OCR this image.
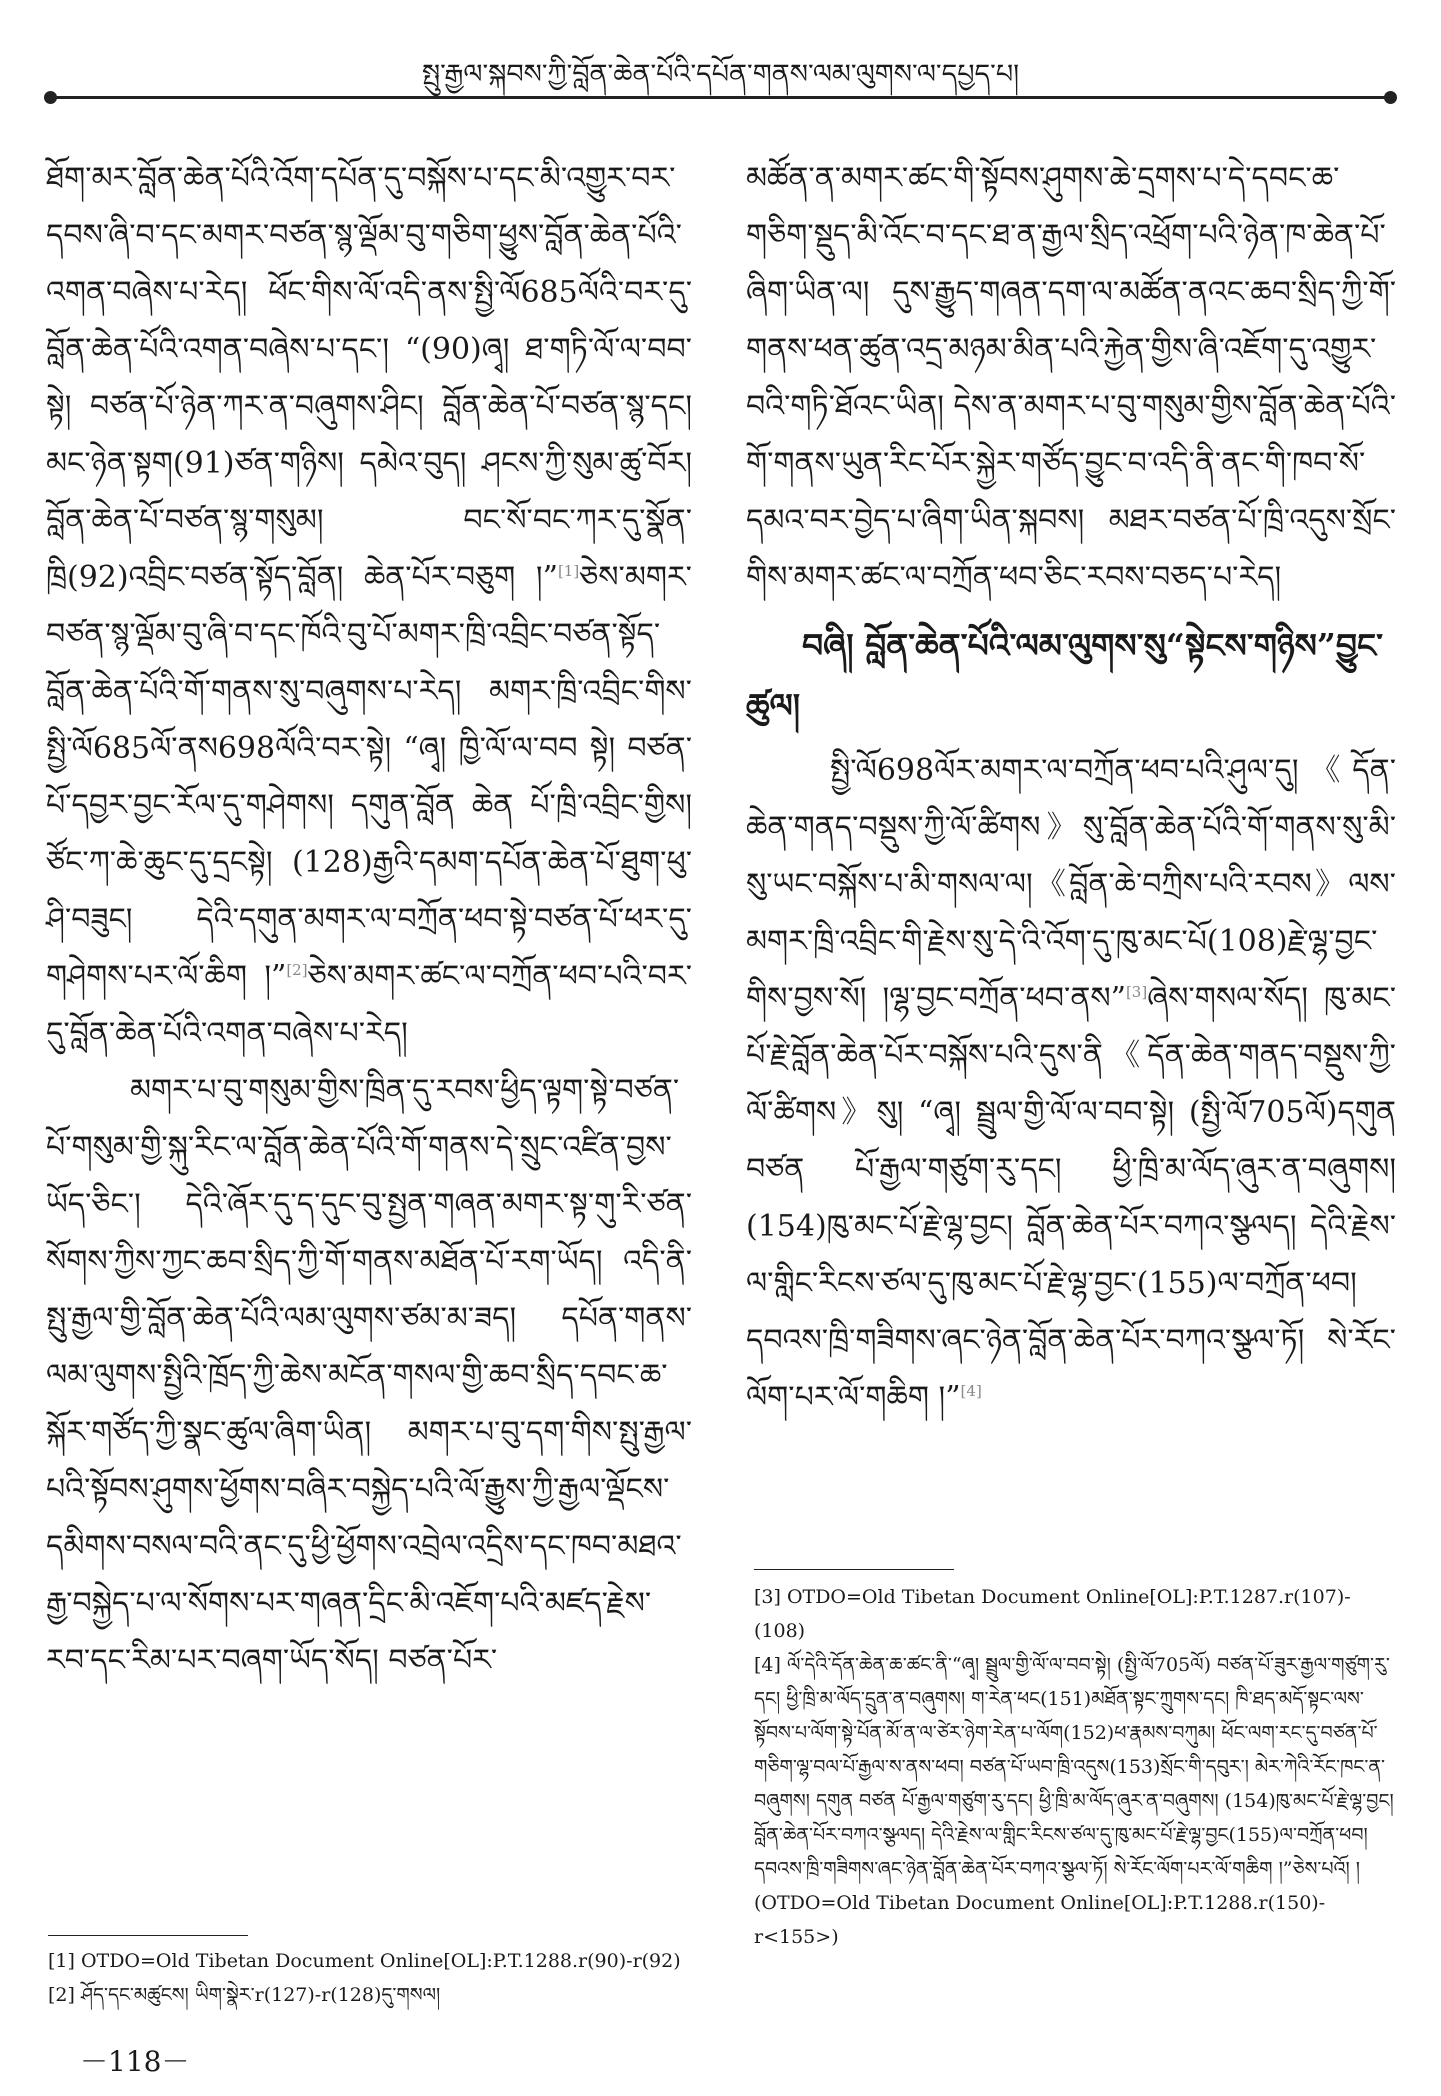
སྤུ་རྒྱལ་སྐབས་ཀྱི་བློན་ཆེན་པོའི་དཔོན་གནས་ལམ་ལུགས་ལ་དཔྱད་པ།

ཐོག་མར་བློན་ཆེན་པོའི་འོག་དཔོན་དུ་བསྐོས་པ་དང་མི་འགྱུར་བར་དབས་ཞི་བ་དང་མགར་བཙན་སྙ་ལྡོམ་བུ་གཅིག་ཕྱུས་བློན་ཆེན་པོའི་འགན་བཞེས་པ་རེད། ཕོང་གིས་ལོ་འདི་ནས་སྤྱི་ལོ685ལོའི་བར་དུ་བློན་ཆེན་པོའི་འགན་བཞེས་པ་དང་། “(90)ཞྭ། ཐ་གཏི་ལོ་ལ་བབ་སྟེ། བཙན་པོ་ཉེན་ཀར་ན་བཞུགས་ཤིང། བློན་ཆེན་པོ་བཙན་སྙ་དང། མང་ཉེན་སྟག(91)ཙན་གཉིས། དམེའ་བུད། ཤངས་ཀྱི་སུམ་ཚུ་བོར། བློན་ཆེན་པོ་བཙན་སྙ་གསུམ། བང་སོ་བང་ཀར་དུ་སྣོན་ཁྲི(92)འབྲིང་བཙན་སྟོད་བློན། ཆེན་པོར་བཅུག །”[1]ཅེས་མགར་བཙན་སྙ་ལྡོམ་བུ་ཞི་བ་དང་ཁོའི་བུ་པོ་མགར་ཁྲི་འབྲིང་བཙན་སྟོད་བློན་ཆེན་པོའི་གོ་གནས་སུ་བཞུགས་པ་རེད། མགར་ཁྲི་འབྲིང་གིས་སྤྱི་ལོ685ལོ་ནས698ལོའི་བར་སྟེ། “ཞྭ། ཁྱི་ལོ་ལ་བབ སྟེ། བཙན་པོ་དབྱར་བྱང་རོལ་དུ་གཤེགས། དགུན་བློན ཆེན པོ་ཁྲི་འབྲིང་གྱིས། ཙོང་ཀ་ཆེ་ཆུང་དུ་དྲངསྟེ། (128)རྒྱའི་དམག་དཔོན་ཆེན་པོ་ཐུག་ཕུ་ཤི་བཟུང། དེའི་དགུན་མགར་ལ་བཀྲོན་ཕབ་སྟེ་བཙན་པོ་ཕར་དུ་གཤེགས་པར་ལོ་ཆིག །”[2]ཅེས་མགར་ཚང་ལ་བཀྲོན་ཕབ་པའི་བར་དུ་བློན་ཆེན་པོའི་འགན་བཞེས་པ་རེད།

མགར་པ་བུ་གསུམ་གྱིས་ཁྲིན་དུ་རབས་ཕྱིད་ལྟག་སྟེ་བཙན་པོ་གསུམ་གྱི་སྐུ་རིང་ལ་བློན་ཆེན་པོའི་གོ་གནས་དེ་སྲུང་འཛིན་བྱས་ཡོད་ཅིང་། དེའི་ཞོར་དུ་ད་དུང་བུ་སྤྱན་གཞན་མགར་སྟ་གུ་རི་ཙན་སོགས་ཀྱིས་ཀྱང་ཆབ་སྲིད་ཀྱི་གོ་གནས་མཐོན་པོ་རག་ཡོད། འདི་ནི་སྤུ་རྒྱལ་གྱི་བློན་ཆེན་པོའི་ལམ་ལུགས་ཙམ་མ་ཟད། དཔོན་གནས་ལམ་ལུགས་སྤྱིའི་ཁྲོད་ཀྱི་ཆེས་མངོན་གསལ་གྱི་ཆབ་སྲིད་དབང་ཆ་སྐོར་གཙོད་ཀྱི་སྣང་ཚུལ་ཞིག་ཡིན། མགར་པ་བུ་དག་གིས་སྤུ་རྒྱལ་པའི་སྟོབས་ཤུགས་ཕྱོགས་བཞིར་བསྐྱེད་པའི་ལོ་རྒྱུས་ཀྱི་རྒྱལ་ལྡོངས་དམིགས་བསལ་བའི་ནང་དུ་ཕྱི་ཕྱོགས་འབྲེལ་འདྲིས་དང་ཁབ་མཐའ་རྒྱ་བསྐྱེད་པ་ལ་སོགས་པར་གཞན་དྲིང་མི་འཇོག་པའི་མཛད་རྗེས་རབ་དང་རིམ་པར་བཞག་ཡོད་སོད། བཙན་པོར་

མཚོན་ན་མགར་ཚང་གི་སྟོབས་ཤུགས་ཆེ་དྲགས་པ་དེ་དབང་ཆ་གཅིག་སྡུད་མི་འོང་བ་དང་ཐ་ན་རྒྱལ་སྲིད་འཕྲོག་པའི་ཉེན་ཁ་ཆེན་པོ་ཞིག་ཡིན་ལ། དུས་རྒྱུད་གཞན་དག་ལ་མཚོན་ནའང་ཆབ་སྲིད་ཀྱི་གོ་གནས་ཕན་ཚུན་འདྲ་མཉམ་མིན་པའི་རྐྱེན་གྱིས་ཞི་འཇོག་དུ་འགྱུར་བའི་གཏི་ཐོའང་ཡིན། དེས་ན་མགར་པ་བུ་གསུམ་གྱིས་བློན་ཆེན་པོའི་གོ་གནས་ཡུན་རིང་པོར་སྐྱེར་གཙོད་བྱུང་བ་འདི་ནི་ནང་གི་ཁབ་སོ་དམའ་བར་བྱེད་པ་ཞིག་ཡིན་སྐབས། མཐར་བཙན་པོ་ཁྲི་འདུས་སྲོང་གིས་མགར་ཚང་ལ་བཀྲོན་ཕབ་ཅིང་རབས་བཅད་པ་རེད།

བཞི། བློན་ཆེན་པོའི་ལམ་ལུགས་སུ“སྟེངས་གཉིས”བྱུང་ཚུལ།

སྤྱི་ལོ698ལོར་མགར་ལ་བཀྲོན་ཕབ་པའི་ཤུལ་དུ།《དོན་ཆེན་གནད་བསྡུས་ཀྱི་ལོ་ཚིགས》སུ་བློན་ཆེན་པོའི་གོ་གནས་སུ་མི་སུ་ཡང་བསྐོས་པ་མི་གསལ་ལ།《བློན་ཆེ་བཀྲིས་པའི་རབས》ལས་མགར་ཁྲི་འབྲིང་གི་རྗེས་སུ་དེ་འི་འོག་དུ་ཁུ་མང་པོ(108)རྗེ་ལྷ་བྱང་གིས་བྱས་སོ། །ལྷ་བྱང་བཀྲོན་ཕབ་ནས”[3]ཞེས་གསལ་སོད། ཁུ་མང་པོ་རྗེ་བློན་ཆེན་པོར་བསྐོས་པའི་དུས་ནི《དོན་ཆེན་གནད་བསྡུས་ཀྱི་ལོ་ཚིགས》སུ། “ཞྭ། སྦྲུལ་གྱི་ལོ་ལ་བབ་སྟེ། (སྤྱི་ལོ705ལོ)དགུན བཙན པོ་རྒྱལ་གཙུག་རུ་དང། ཕྱི་ཁྲི་མ་ལོད་ཞུར་ན་བཞུགས། (154)ཁུ་མང་པོ་རྗེ་ལྷ་བྱང། བློན་ཆེན་པོར་བཀའ་སྩལད། དེའི་རྗེས་ལ་གླིང་རིངས་ཙལ་དུ་ཁུ་མང་པོ་རྗེ་ལྷ་བྱང་(155)ལ་བཀྲོན་ཕབ། དབའས་ཁྲི་གཟིགས་ཞང་ཉེན་བློན་ཆེན་པོར་བཀའ་སྩལ་ཏོ། སེ་རོང་ལོག་པར་ལོ་གཆིག །”[4]

[3] OTDO=Old Tibetan Document Online[OL]:P.T.1287.r(107)-(108)

[4] ལོ་དེའི་དོན་ཆེན་ཆ་ཚང་ནི་“ཞྭ། སྦྲུལ་གྱི་ལོ་ལ་བབ་སྟེ། (སྤྱི་ལོ705ལོ) བཙན་པོ་ཟུར་རྒྱལ་གཙུག་རུ་དང། ཕྱི་ཁྲི་མ་ལོད་དྲུན་ན་བཞུགས། ག་རེན་ཕང(151)མཐོན་སྟང་ཀྲུགས་དང། ཁི་ཐད་མདོ་སྟང་ལས་སྟོབས་པ་ལོག་སྟེ་པོན་མོ་ན་ལ་ཙེར་ཉེག་རེན་པ་ལོག(152)ཕ་རྣམས་བཀུམ། ཕོང་ལག་རང་དུ་བཙན་པོ་གཅིག་ལྷ་བལ་པོ་རྒྱལ་ས་ནས་ཕབ། བཙན་པོ་ཡབ་ཁྲི་འདུས(153)སྲོང་གི་དབུར་། མེར་ཀེའི་རོང་ཁང་ན་བཞུགས། དགུན བཙན པོ་རྒྱལ་གཙུག་རུ་དང། ཕྱི་ཁྲི་མ་ལོད་ཞུར་ན་བཞུགས། (154)ཁུ་མང་པོ་རྗེ་ལྷ་བྱང། བློན་ཆེན་པོར་བཀའ་སྩལད། དེའི་རྗེས་ལ་གླིང་རིངས་ཙལ་དུ་ཁུ་མང་པོ་རྗེ་ལྷ་བྱང(155)ལ་བཀྲོན་ཕབ། དབའས་ཁྲི་གཟིགས་ཞང་ཉེན་བློན་ཆེན་པོར་བཀའ་སྩལ་ཏོ། སེ་རོང་ལོག་པར་ལོ་གཆིག །”ཅེས་པའོ། །(OTDO=Old Tibetan Document Online[OL]:P.T.1288.r(150)-r<155>)

[1] OTDO=Old Tibetan Document Online[OL]:P.T.1288.r(90)-r(92)

[2] ཤོད་དང་མཚུངས། ཡིག་སྣེར་r(127)-r(128)དུ་གསལ།

－118－
